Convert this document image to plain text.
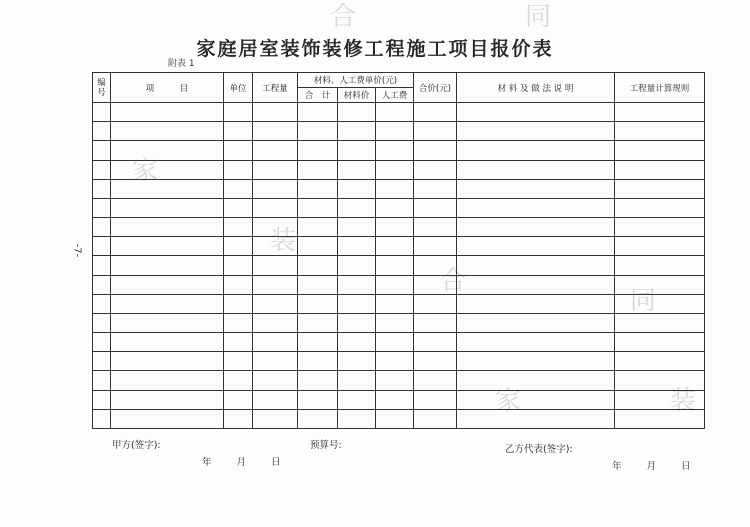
家庭居室装饰装修工程施工项目报价表
附表 1
-7-
合	同
家
装
合
同
家	装
编号	项　　　目	单位	工程量	材料、人工费单价(元)			合价(元)	材 料 及 做 法 说 明	工程量计算规则
				合　计	材料价	人工费			

甲方(签字):	预算号:	乙方代表(签字):
年 月 日	年 月 日
